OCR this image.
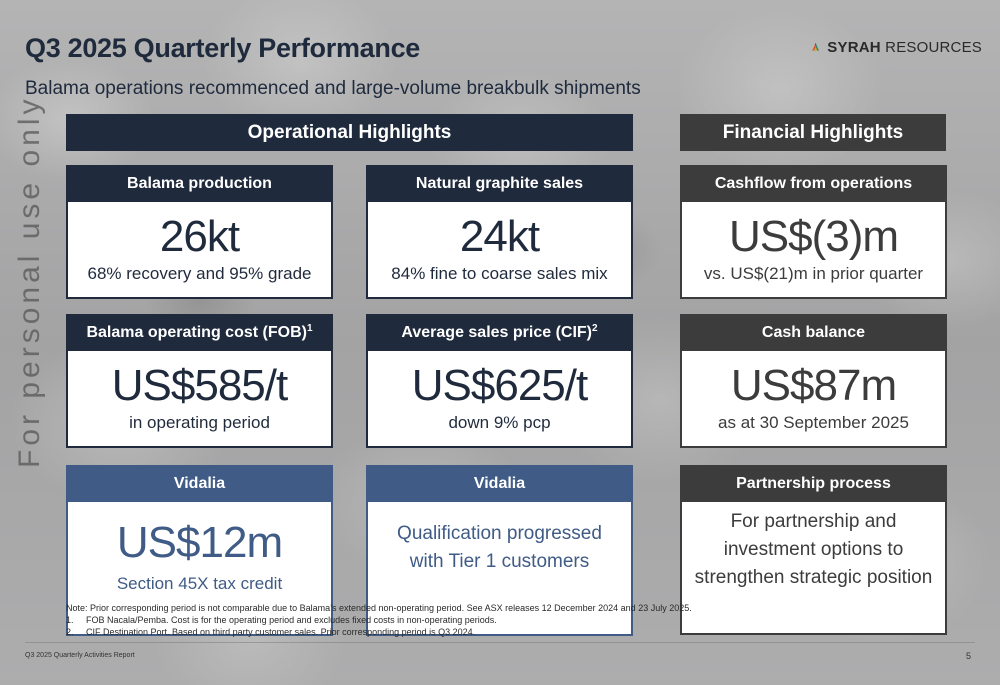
Q3 2025 Quarterly Performance
Balama operations recommenced and large-volume breakbulk shipments
SYRAH RESOURCES
For personal use only	Operational Highlights	Financial Highlights
Balama production
26kt
68% recovery and 95% grade
Natural graphite sales
24kt
84% fine to coarse sales mix
Cashflow from operations
US$(3)m
vs. US$(21)m in prior quarter
Balama operating cost (FOB)$^1$
US$585/t
in operating period
Average sales price (CIF)$^2$
US$625/t
down 9% pcp
Cash balance
US$87m
as at 30 September 2025
Vidalia
US$12m
Section 45X tax credit
Vidalia
Qualification progressed
with Tier 1 customers
Partnership process
For partnership and
investment options to
strengthen strategic position
Note: Prior corresponding period is not comparable due to Balama’s extended non-operating period. See ASX releases 12 December 2024 and 23 July 2025.
1.	FOB Nacala/Pemba. Cost is for the operating period and excludes fixed costs in non-operating periods.
2.	CIF Destination Port. Based on third party customer sales. Prior corresponding period is Q3 2024.
Q3 2025 Quarterly Activities Report	5
